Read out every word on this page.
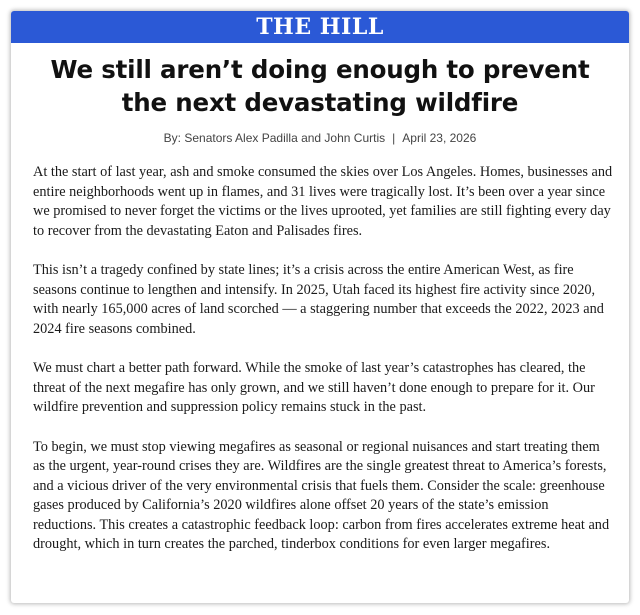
THE HILL
We still aren’t doing enough to prevent the next devastating wildfire
By: Senators Alex Padilla and John Curtis | April 23, 2026

At the start of last year, ash and smoke consumed the skies over Los Angeles. Homes, businesses and entire neighborhoods went up in flames, and 31 lives were tragically lost. It’s been over a year since we promised to never forget the victims or the lives uprooted, yet families are still fighting every day to recover from the devastating Eaton and Palisades fires.

This isn’t a tragedy confined by state lines; it’s a crisis across the entire American West, as fire seasons continue to lengthen and intensify. In 2025, Utah faced its highest fire activity since 2020, with nearly 165,000 acres of land scorched — a staggering number that exceeds the 2022, 2023 and 2024 fire seasons combined.

We must chart a better path forward. While the smoke of last year’s catastrophes has cleared, the threat of the next megafire has only grown, and we still haven’t done enough to prepare for it. Our wildfire prevention and suppression policy remains stuck in the past.

To begin, we must stop viewing megafires as seasonal or regional nuisances and start treating them as the urgent, year-round crises they are. Wildfires are the single greatest threat to America’s forests, and a vicious driver of the very environmental crisis that fuels them. Consider the scale: greenhouse gases produced by California’s 2020 wildfires alone offset 20 years of the state’s emission reductions. This creates a catastrophic feedback loop: carbon from fires accelerates extreme heat and drought, which in turn creates the parched, tinderbox conditions for even larger megafires.
